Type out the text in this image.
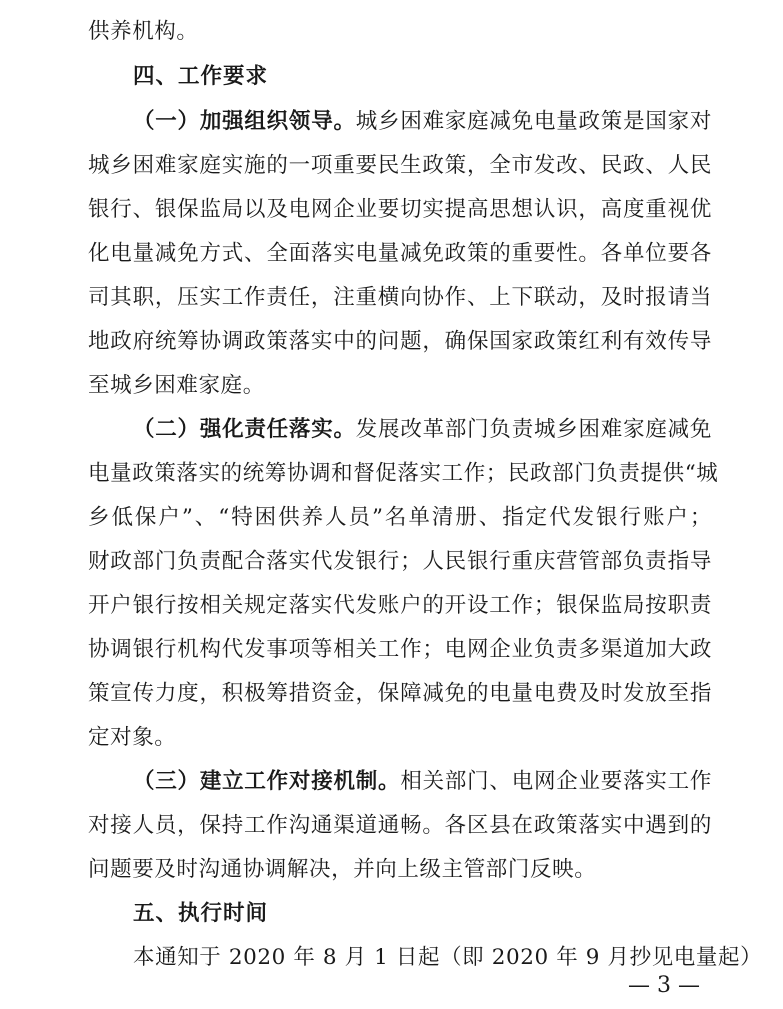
供养机构。
四、工作要求
（一）加强组织领导。城乡困难家庭减免电量政策是国家对
城乡困难家庭实施的一项重要民生政策，全市发改、民政、人民
银行、银保监局以及电网企业要切实提高思想认识，高度重视优
化电量减免方式、全面落实电量减免政策的重要性。各单位要各
司其职，压实工作责任，注重横向协作、上下联动，及时报请当
地政府统筹协调政策落实中的问题，确保国家政策红利有效传导
至城乡困难家庭。
（二）强化责任落实。发展改革部门负责城乡困难家庭减免
电量政策落实的统筹协调和督促落实工作；民政部门负责提供“城
乡低保户”、“特困供养人员”名单清册、指定代发银行账户；
财政部门负责配合落实代发银行；人民银行重庆营管部负责指导
开户银行按相关规定落实代发账户的开设工作；银保监局按职责
协调银行机构代发事项等相关工作；电网企业负责多渠道加大政
策宣传力度，积极筹措资金，保障减免的电量电费及时发放至指
定对象。
（三）建立工作对接机制。相关部门、电网企业要落实工作
对接人员，保持工作沟通渠道通畅。各区县在政策落实中遇到的
问题要及时沟通协调解决，并向上级主管部门反映。
五、执行时间
本通知于 2020 年 8 月 1 日起（即 2020 年 9 月抄见电量起）
— 3 —
